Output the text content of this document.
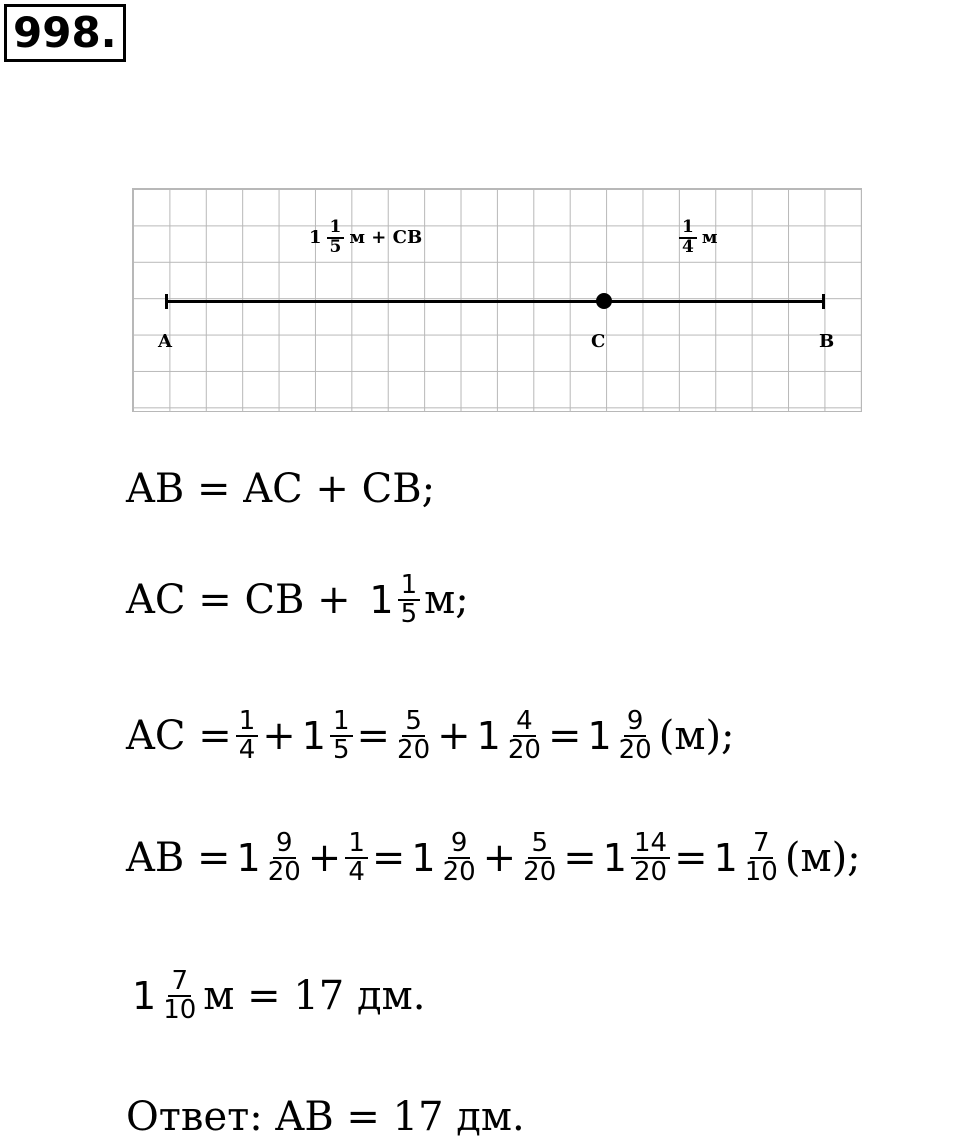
998.
A	C	B
$1 \frac{1}{5}$ м + CB	$\frac{1}{4}$ м
AB = AC + CB;
AC = CB + $1 \frac{1}{5} м$;
AC = $\frac{1}{4} + 1 \frac{1}{5} = \frac{5}{20} + 1 \frac{4}{20} = 1 \frac{9}{20} (м)$;
AB = $1 \frac{9}{20} + \frac{1}{4} = 1 \frac{9}{20} + \frac{5}{20} = 1 \frac{14}{20} = 1 \frac{7}{10} (м)$;
$1 \frac{7}{10}$ м = 17 дм.
Ответ: AB = 17 дм.
